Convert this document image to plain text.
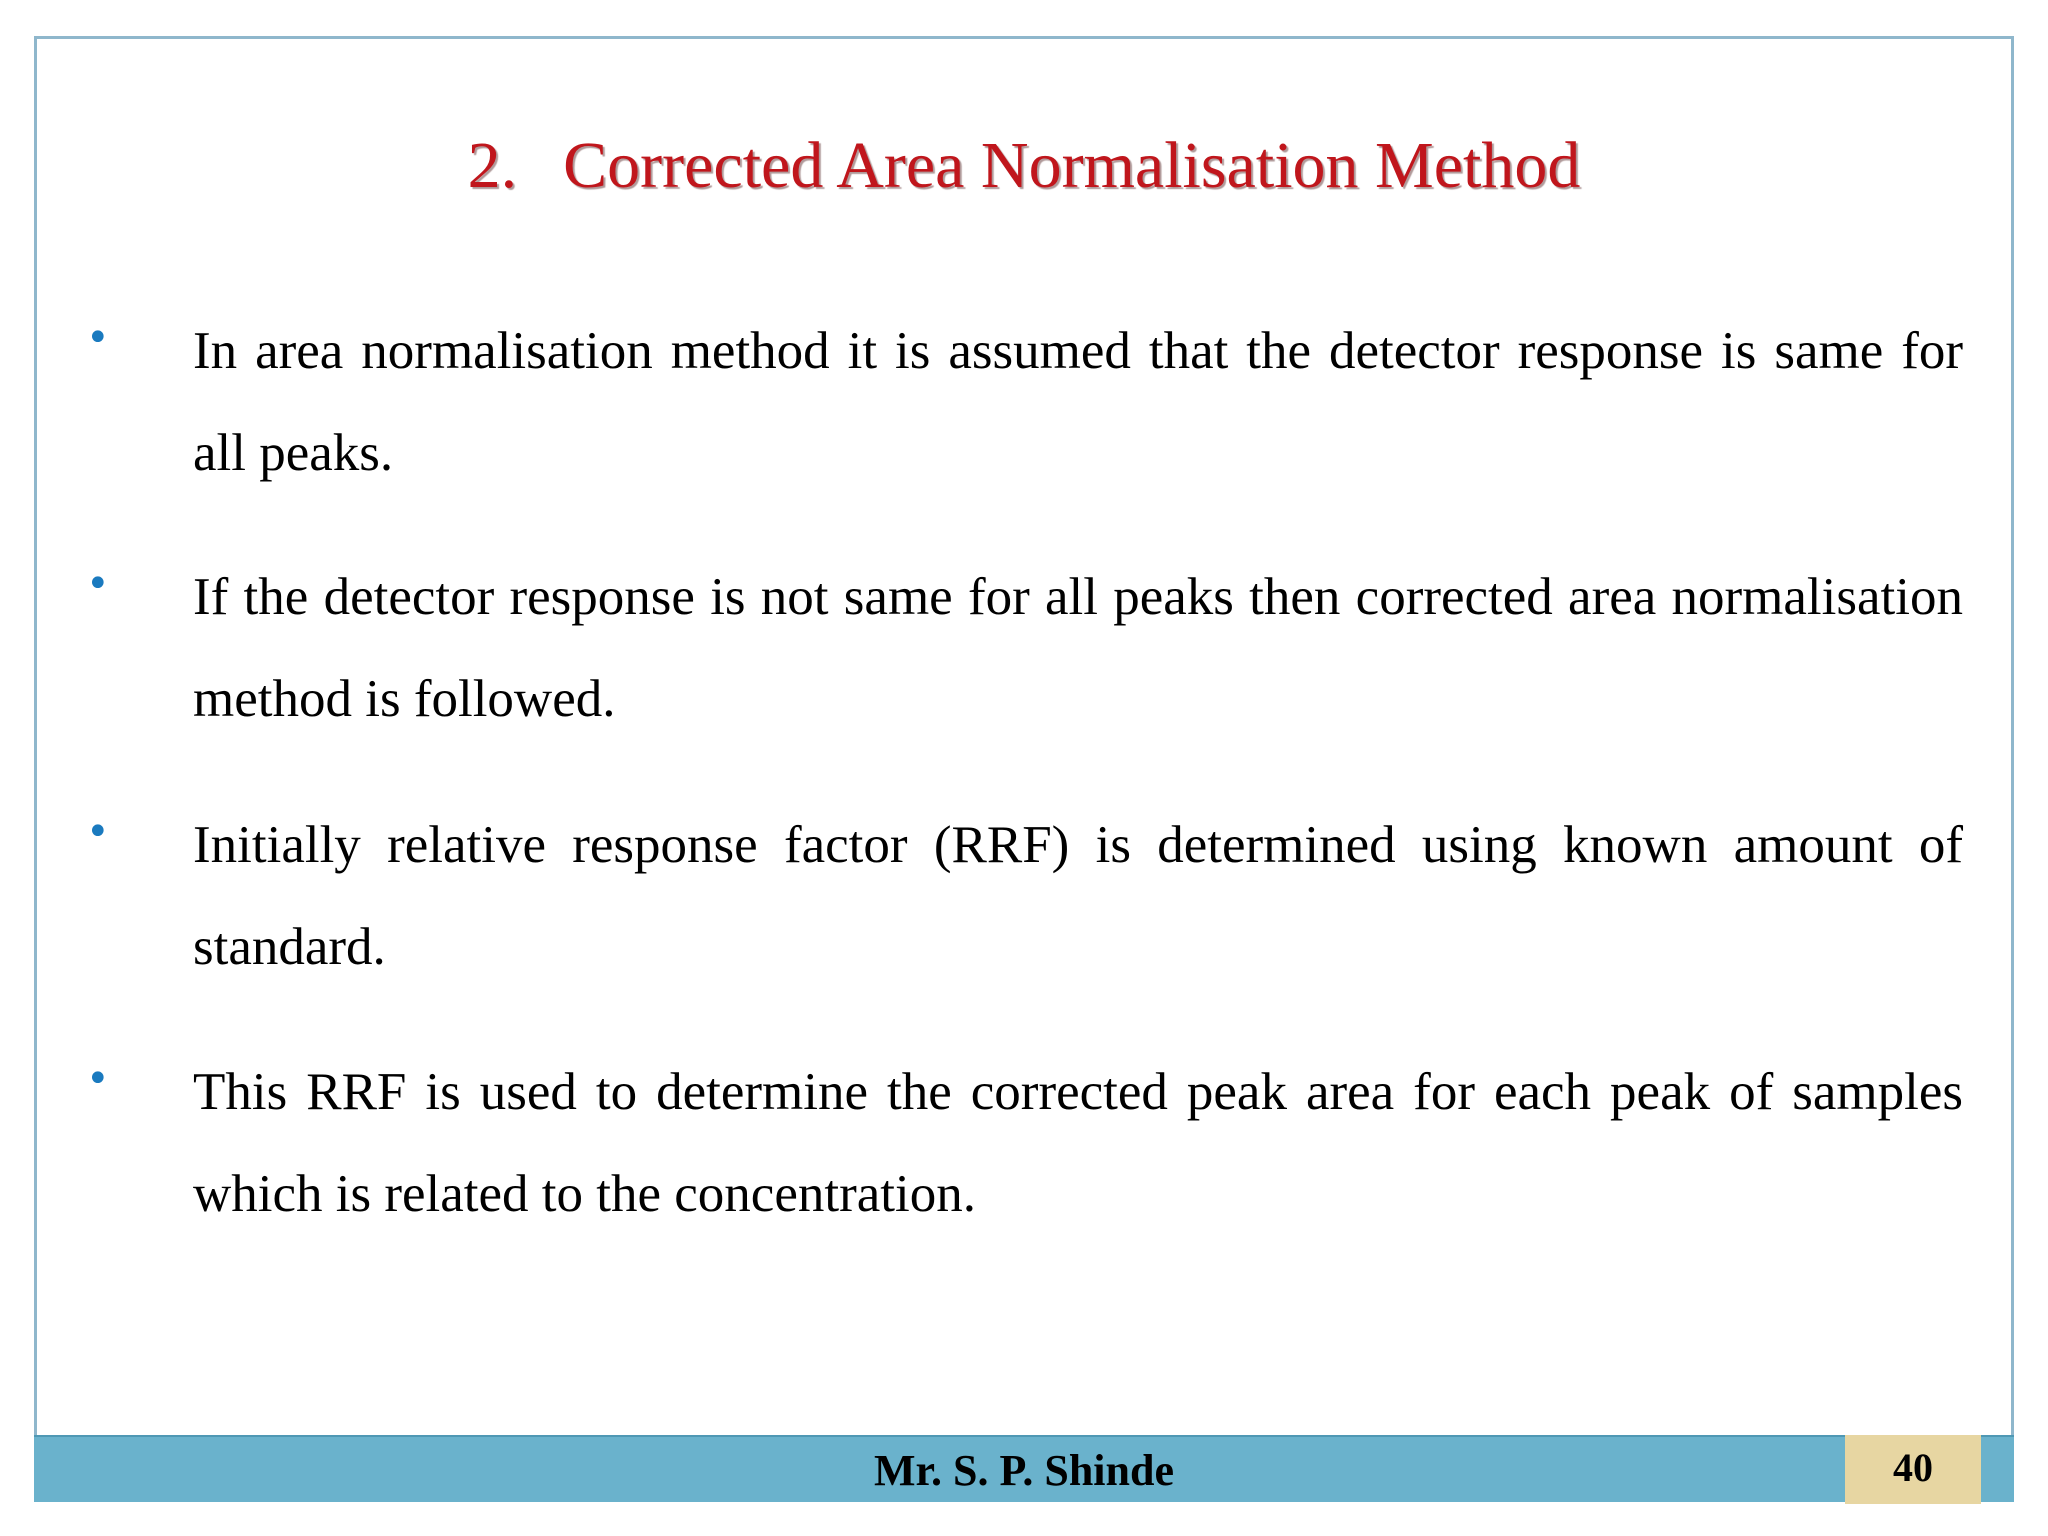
2. Corrected Area Normalisation Method
• In area normalisation method it is assumed that the detector response is same for all peaks.

• If the detector response is not same for all peaks then corrected area normalisation method is followed.

• Initially relative response factor (RRF) is determined using known amount of standard.

• This RRF is used to determine the corrected peak area for each peak of samples which is related to the concentration.

Mr. S. P. Shinde	40
